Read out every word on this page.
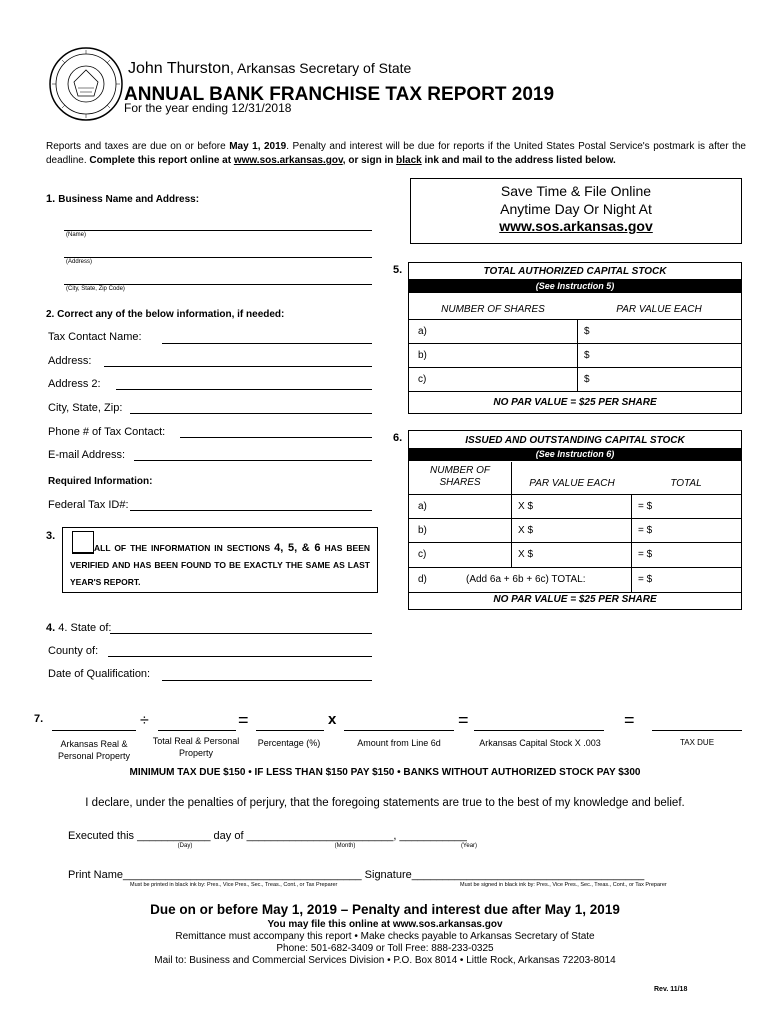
John Thurston, Arkansas Secretary of State
ANNUAL BANK FRANCHISE TAX REPORT 2019
For the year ending 12/31/2018
Reports and taxes are due on or before May 1, 2019. Penalty and interest will be due for reports if the United States Postal Service's postmark is after the deadline. Complete this report online at www.sos.arkansas.gov, or sign in black ink and mail to the address listed below.
1. Business Name and Address:
(Name)
(Address)
(City, State, Zip Code)
Save Time & File Online
Anytime Day Or Night At
www.sos.arkansas.gov
2. Correct any of the below information, if needed:
Tax Contact Name:
Address:
Address 2:
City, State, Zip:
Phone # of Tax Contact:
E-mail Address:
Required Information:
Federal Tax ID#:
3.
ALL OF THE INFORMATION IN SECTIONS 4, 5, & 6 HAS BEEN VERIFIED AND HAS BEEN FOUND TO BE EXACTLY THE SAME AS LAST YEAR'S REPORT.
4. 4. State of:
County of:
Date of Qualification:
5.	TOTAL AUTHORIZED CAPITAL STOCK
(See Instruction 5)
NUMBER OF SHARES	PAR VALUE EACH
a)	$
b)	$
c)	$
NO PAR VALUE = $25 PER SHARE
6.	ISSUED AND OUTSTANDING CAPITAL STOCK
(See Instruction 6)
NUMBER OF SHARES	PAR VALUE EACH	TOTAL
a)	X $	= $
b)	X $	= $
c)	X $	= $
d)	(Add 6a + 6b + 6c) TOTAL:	= $
NO PAR VALUE = $25 PER SHARE
7.	÷	=	x	=	=
Arkansas Real & Personal Property
Total Real & Personal Property
Percentage (%)	Amount from Line 6d	Arkansas Capital Stock X .003	TAX DUE
MINIMUM TAX DUE $150 • IF LESS THAN $150 PAY $150 • BANKS WITHOUT AUTHORIZED STOCK PAY $300
I declare, under the penalties of perjury, that the foregoing statements are true to the best of my knowledge and belief.
Executed this ____________ day of ________________________, ___________
(Day)	(Month)	(Year)
Print Name_______________________________________ Signature______________________________________
Must be printed in black ink by: Pres., Vice Pres., Sec., Treas., Cont., or Tax Preparer	Must be signed in black ink by: Pres., Vice Pres., Sec., Treas., Cont., or Tax Preparer
Due on or before May 1, 2019 – Penalty and interest due after May 1, 2019
You may file this online at www.sos.arkansas.gov
Remittance must accompany this report • Make checks payable to Arkansas Secretary of State
Phone: 501-682-3409 or Toll Free: 888-233-0325
Mail to: Business and Commercial Services Division • P.O. Box 8014 • Little Rock, Arkansas 72203-8014
Rev. 11/18
